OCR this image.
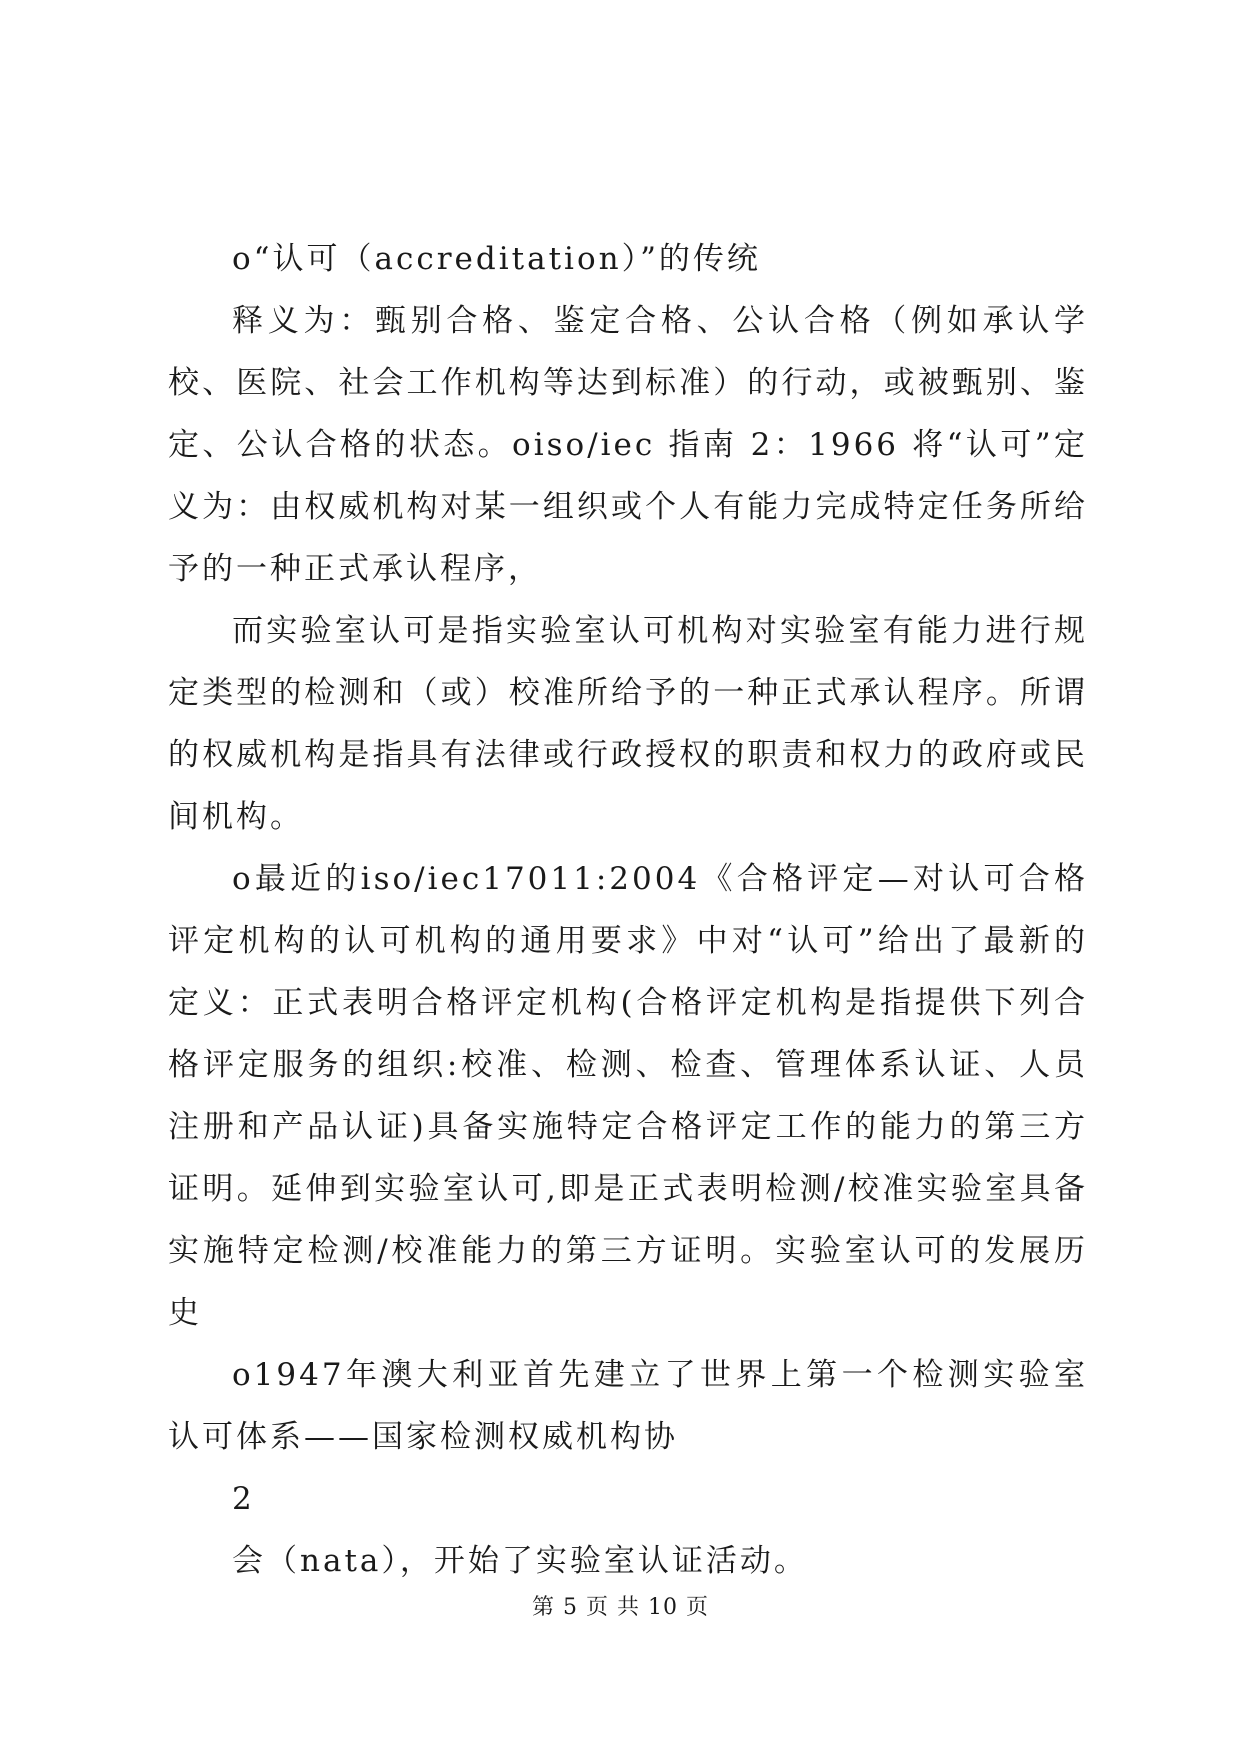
o“认可（accreditation）”的传统

释义为：甄别合格、鉴定合格、公认合格（例如承认学校、医院、社会工作机构等达到标准）的行动，或被甄别、鉴定、公认合格的状态。oiso/iec 指南 2：1966 将“认可”定义为：由权威机构对某一组织或个人有能力完成特定任务所给予的一种正式承认程序，

而实验室认可是指实验室认可机构对实验室有能力进行规定类型的检测和（或）校准所给予的一种正式承认程序。所谓的权威机构是指具有法律或行政授权的职责和权力的政府或民间机构。

o最近的iso/iec17011:2004《合格评定—对认可合格评定机构的认可机构的通用要求》中对“认可”给出了最新的定义：正式表明合格评定机构(合格评定机构是指提供下列合格评定服务的组织:校准、检测、检查、管理体系认证、人员注册和产品认证)具备实施特定合格评定工作的能力的第三方证明。延伸到实验室认可,即是正式表明检测/校准实验室具备实施特定检测/校准能力的第三方证明。实验室认可的发展历史

o1947年澳大利亚首先建立了世界上第一个检测实验室认可体系——国家检测权威机构协

2

会（nata），开始了实验室认证活动。

第 5 页 共 10 页
